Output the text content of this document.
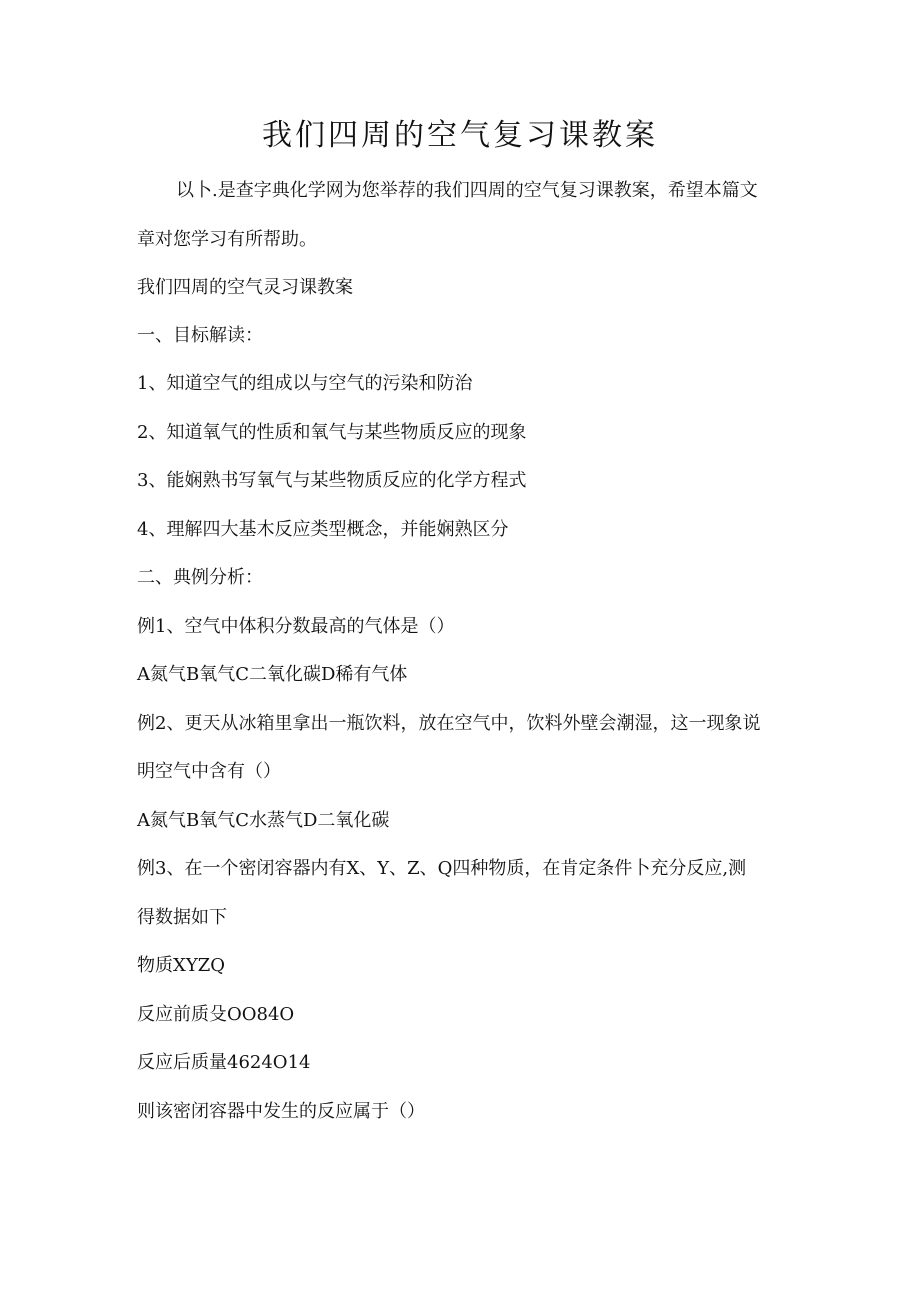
我们四周的空气复习课教案

以卜.是查字典化学网为您举荐的我们四周的空气复习课教案，希望本篇文

章对您学习有所帮助。

我们四周的空气灵习课教案

一、目标解读：

1、知道空气的组成以与空气的污染和防治

2、知道氧气的性质和氧气与某些物质反应的现象

3、能娴熟书写氧气与某些物质反应的化学方程式

4、理解四大基木反应类型概念，并能娴熟区分

二、典例分析：

例1、空气中体积分数最高的气体是（）

A氮气B氧气C二氧化碳D稀有气体

例2、更天从冰箱里拿出一瓶饮料，放在空气中，饮料外壁会潮湿，这一现象说

明空气中含有（）

A氮气B氧气C水蒸气D二氧化碳

例3、在一个密闭容器内有X、Y、Z、Q四种物质，在肯定条件卜充分反应,测

得数据如下

物质XYZQ

反应前质殳OO84O

反应后质量4624O14

则该密闭容器中发生的反应属于（）
